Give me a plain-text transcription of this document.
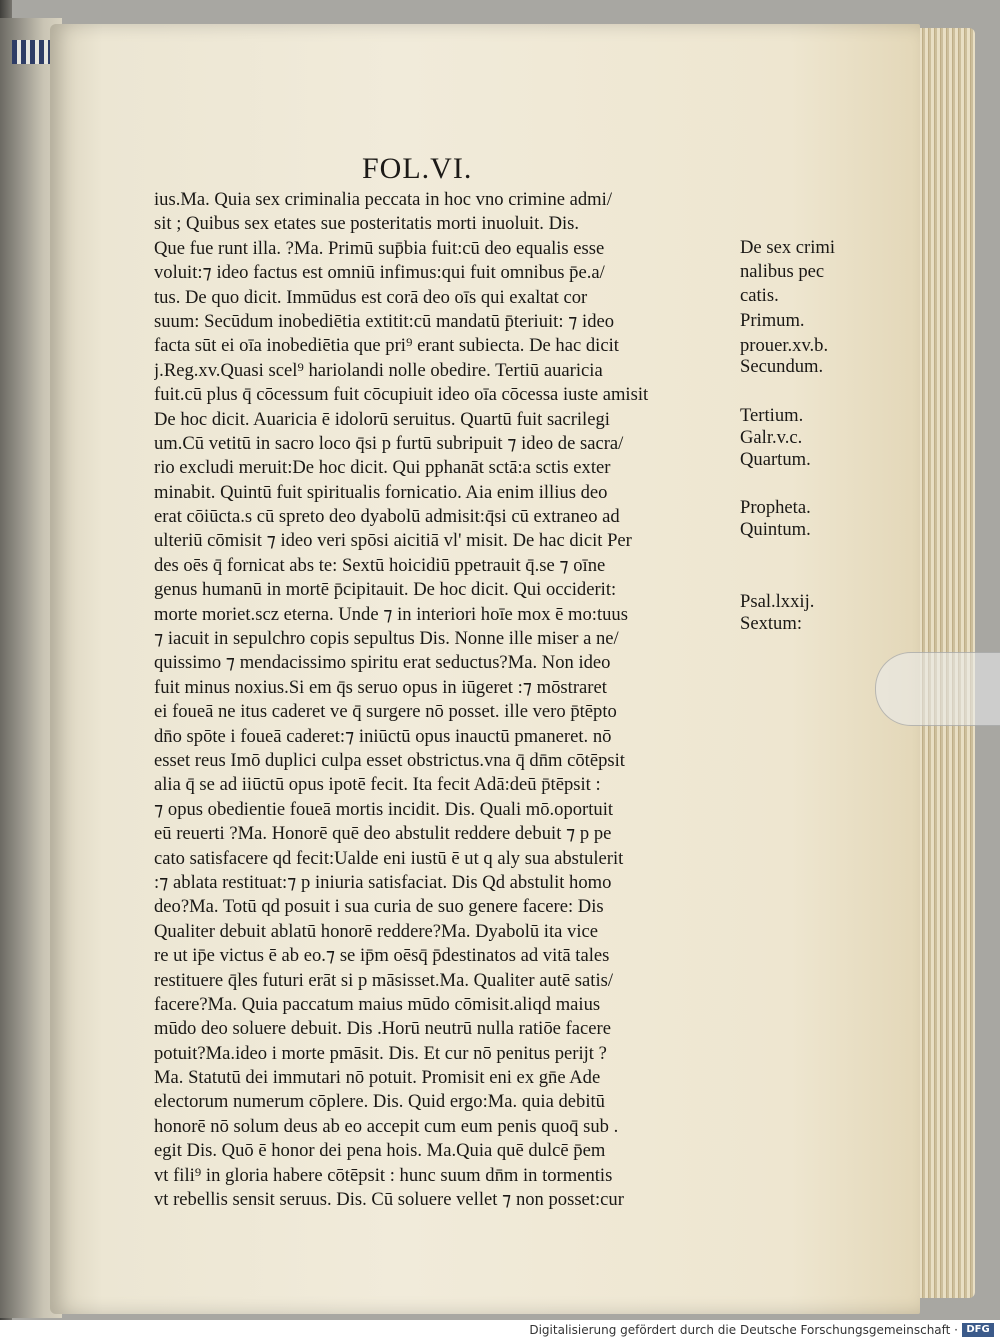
FOL.VI.
ius.Ma. Quia sex criminalia peccata in hoc vno crimine admi/
sit ; Quibus sex etates sue posteritatis morti inuoluit. Dis.
Que fue runt illa. ?Ma. Primū sup̄bia fuit:cū deo equalis esse
voluit:⁊ ideo factus est omniū infimus:qui fuit omnibus p̄e.a/
tus. De quo dicit. Immūdus est corā deo oīs qui exaltat cor
suum: Secūdum inobediētia extitit:cū mandatū p̄teriuit: ⁊ ideo
facta sūt ei oīa inobediētia que pri⁹ erant subiecta. De hac dicit
j.Reg.xv.Quasi scel⁹ hariolandi nolle obedire. Tertiū auaricia
fuit.cū plus q̄ cōcessum fuit cōcupiuit ideo oīa cōcessa iuste amisit
De hoc dicit. Auaricia ē idolorū seruitus. Quartū fuit sacrilegi
um.Cū vetitū in sacro loco q̄si p furtū subripuit ⁊ ideo de sacra/
rio excludi meruit:De hoc dicit. Qui pphanāt sctā:a sctis exter
minabit. Quintū fuit spiritualis fornicatio. Aia enim illius deo
erat cōiūcta.s cū spreto deo dyabolū admisit:q̄si cū extraneo ad
ulteriū cōmisit ⁊ ideo veri spōsi aicitiā vl' misit. De hac dicit Per
des oēs q̄ fornicat abs te: Sextū hoicidiū ppetrauit q̄.se ⁊ oīne
genus humanū in mortē p̄cipitauit. De hoc dicit. Qui occiderit:
morte moriet.scz eterna. Unde ⁊ in interiori hoīe mox ē mo:tuus
⁊ iacuit in sepulchro copis sepultus Dis. Nonne ille miser a ne/
quissimo ⁊ mendacissimo spiritu erat seductus?Ma. Non ideo
fuit minus noxius.Si em q̄s seruo opus in iūgeret :⁊ mōstraret
ei foueā ne itus caderet ve q̄ surgere nō posset. ille vero p̄tēpto
dn̄o spōte i foueā caderet:⁊ iniūctū opus inauctū pmaneret. nō
esset reus Imō duplici culpa esset obstrictus.vna q̄ dn̄m cōtēpsit
alia q̄ se ad iiūctū opus ipotē fecit. Ita fecit Adā:deū p̄tēpsit :
⁊ opus obedientie foueā mortis incidit. Dis. Quali mō.oportuit
eū reuerti ?Ma. Honorē quē deo abstulit reddere debuit ⁊ p pe
cato satisfacere qd fecit:Ualde eni iustū ē ut q aly sua abstulerit
:⁊ ablata restituat:⁊ p iniuria satisfaciat. Dis Qd abstulit homo
deo?Ma. Totū qd posuit i sua curia de suo genere facere: Dis
Qualiter debuit ablatū honorē reddere?Ma. Dyabolū ita vice
re ut ip̄e victus ē ab eo.⁊ se ip̄m oēsq̄ p̄destinatos ad vitā tales
restituere q̄les futuri erāt si p māsisset.Ma. Qualiter autē satis/
facere?Ma. Quia paccatum maius mūdo cōmisit.aliqd maius
mūdo deo soluere debuit. Dis .Horū neutrū nulla ratiōe facere
potuit?Ma.ideo i morte pmāsit. Dis. Et cur nō penitus perijt ?
Ma. Statutū dei immutari nō potuit. Promisit eni ex gn̄e Ade
electorum numerum cōplere. Dis. Quid ergo:Ma. quia debitū
honorē nō solum deus ab eo accepit cum eum penis quoq̄ sub .
egit Dis. Quō ē honor dei pena hois. Ma.Quia quē dulcē p̄em
vt fili⁹ in gloria habere cōtēpsit : hunc suum dn̄m in tormentis
vt rebellis sensit seruus. Dis. Cū soluere vellet ⁊ non posset:cur
De sex crimi
nalibus pec
catis.
Primum.
prouer.xv.b.
Secundum.
Tertium.
Galr.v.c.
Quartum.
Propheta.
Quintum.
Psal.lxxij.
Sextum:
Digitalisierung gefördert durch die Deutsche Forschungsgemeinschaft · DFG
